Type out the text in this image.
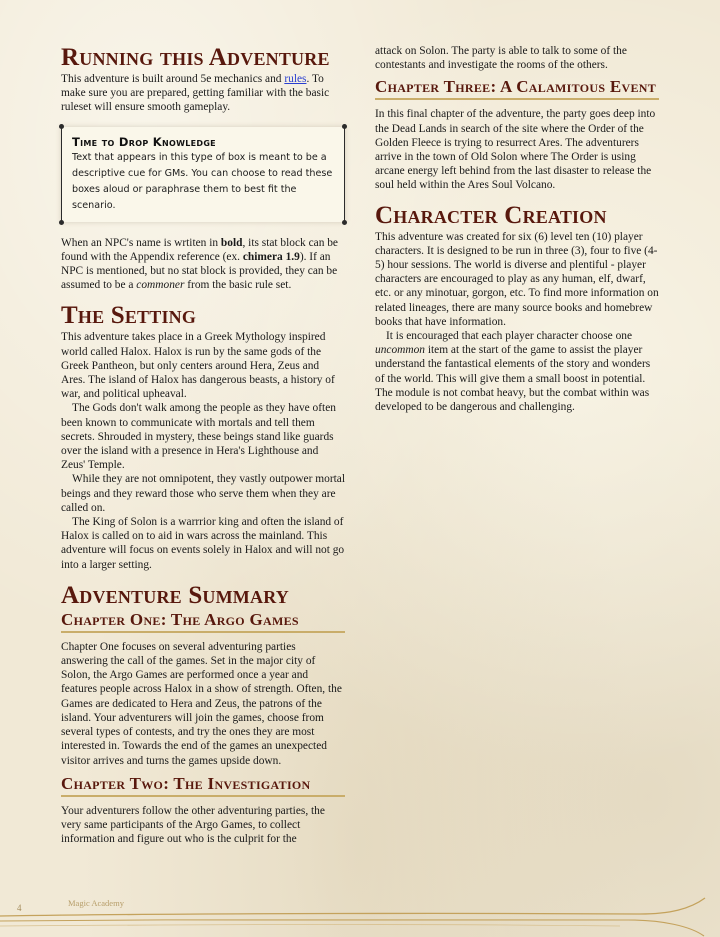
Running this Adventure

This adventure is built around 5e mechanics and rules. To make sure you are prepared, getting familiar with the basic ruleset will ensure smooth gameplay.

Time to Drop Knowledge
Text that appears in this type of box is meant to be a descriptive cue for GMs. You can choose to read these boxes aloud or paraphrase them to best fit the scenario.

When an NPC's name is wrtiten in bold, its stat block can be found with the Appendix reference (ex. chimera 1.9). If an NPC is mentioned, but no stat block is provided, they can be assumed to be a commoner from the basic rule set.

The Setting

This adventure takes place in a Greek Mythology inspired world called Halox. Halox is run by the same gods of the Greek Pantheon, but only centers around Hera, Zeus and Ares. The island of Halox has dangerous beasts, a history of war, and political upheaval.

The Gods don't walk among the people as they have often been known to communicate with mortals and tell them secrets. Shrouded in mystery, these beings stand like guards over the island with a presence in Hera's Lighthouse and Zeus' Temple.

While they are not omnipotent, they vastly outpower mortal beings and they reward those who serve them when they are called on.

The King of Solon is a warrrior king and often the island of Halox is called on to aid in wars across the mainland. This adventure will focus on events solely in Halox and will not go into a larger setting.

Adventure Summary
Chapter One: The Argo Games

Chapter One focuses on several adventuring parties answering the call of the games. Set in the major city of Solon, the Argo Games are performed once a year and features people across Halox in a show of strength. Often, the Games are dedicated to Hera and Zeus, the patrons of the island. Your adventurers will join the games, choose from several types of contests, and try the ones they are most interested in. Towards the end of the games an unexpected visitor arrives and turns the games upside down.

Chapter Two: The Investigation

Your adventurers follow the other adventuring parties, the very same participants of the Argo Games, to collect information and figure out who is the culprit for the

attack on Solon. The party is able to talk to some of the contestants and investigate the rooms of the others.

Chapter Three: A Calamitous Event

In this final chapter of the adventure, the party goes deep into the Dead Lands in search of the site where the Order of the Golden Fleece is trying to resurrect Ares. The adventurers arrive in the town of Old Solon where The Order is using arcane energy left behind from the last disaster to release the soul held within the Ares Soul Volcano.

Character Creation

This adventure was created for six (6) level ten (10) player characters. It is designed to be run in three (3), four to five (4-5) hour sessions. The world is diverse and plentiful - player characters are encouraged to play as any human, elf, dwarf, etc. or any minotuar, gorgon, etc. To find more information on related lineages, there are many source books and homebrew books that have information.

It is encouraged that each player character choose one uncommon item at the start of the game to assist the player understand the fantastical elements of the story and wonders of the world. This will give them a small boost in potential. The module is not combat heavy, but the combat within was developed to be dangerous and challenging.

4	Magic Academy
